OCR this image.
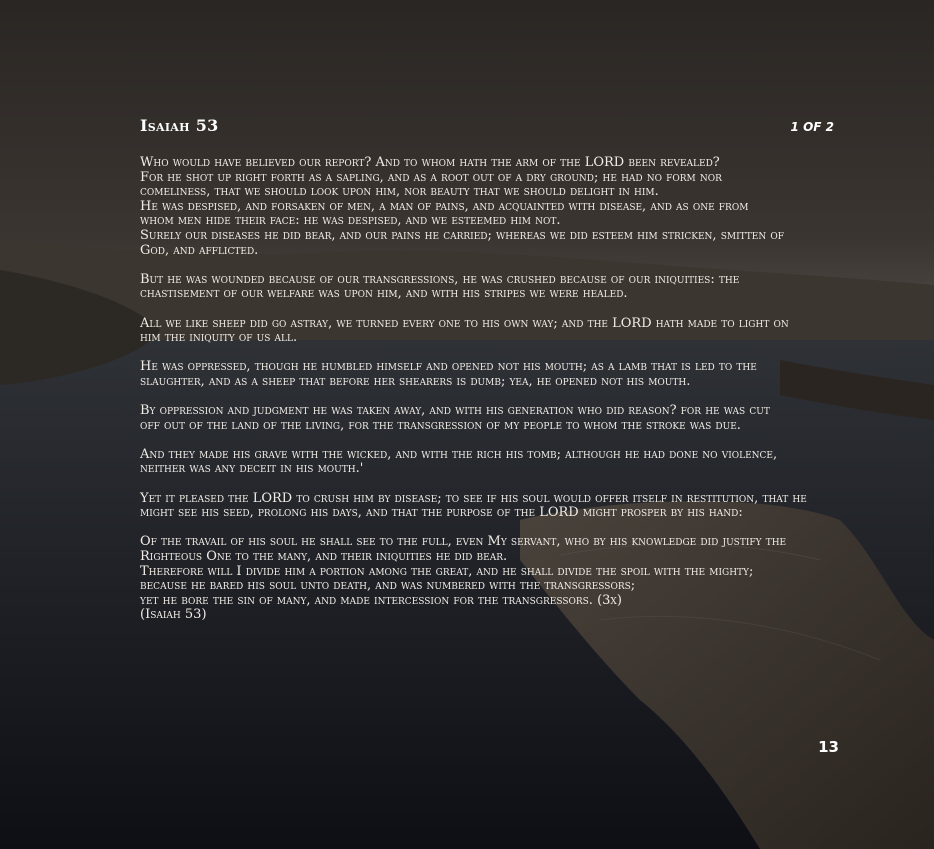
Isaiah 53	1 OF 2

Who would have believed our report? And to whom hath the arm of the LORD been revealed?
For he shot up right forth as a sapling, and as a root out of a dry ground; he had no form nor
comeliness, that we should look upon him, nor beauty that we should delight in him.
He was despised, and forsaken of men, a man of pains, and acquainted with disease, and as one from
whom men hide their face: he was despised, and we esteemed him not.
Surely our diseases he did bear, and our pains he carried; whereas we did esteem him stricken, smitten of
God, and afflicted.

But he was wounded because of our transgressions, he was crushed because of our iniquities: the
chastisement of our welfare was upon him, and with his stripes we were healed.

All we like sheep did go astray, we turned every one to his own way; and the LORD hath made to light on
him the iniquity of us all.

He was oppressed, though he humbled himself and opened not his mouth; as a lamb that is led to the
slaughter, and as a sheep that before her shearers is dumb; yea, he opened not his mouth.

By oppression and judgment he was taken away, and with his generation who did reason? for he was cut
off out of the land of the living, for the transgression of my people to whom the stroke was due.

And they made his grave with the wicked, and with the rich his tomb; although he had done no violence,
neither was any deceit in his mouth.'

Yet it pleased the LORD to crush him by disease; to see if his soul would offer itself in restitution, that he
might see his seed, prolong his days, and that the purpose of the LORD might prosper by his hand:

Of the travail of his soul he shall see to the full, even My servant, who by his knowledge did justify the
Righteous One to the many, and their iniquities he did bear.
Therefore will I divide him a portion among the great, and he shall divide the spoil with the mighty;
because he bared his soul unto death, and was numbered with the transgressors;
yet he bore the sin of many, and made intercession for the transgressors. (3x)
(Isaiah 53)

13
